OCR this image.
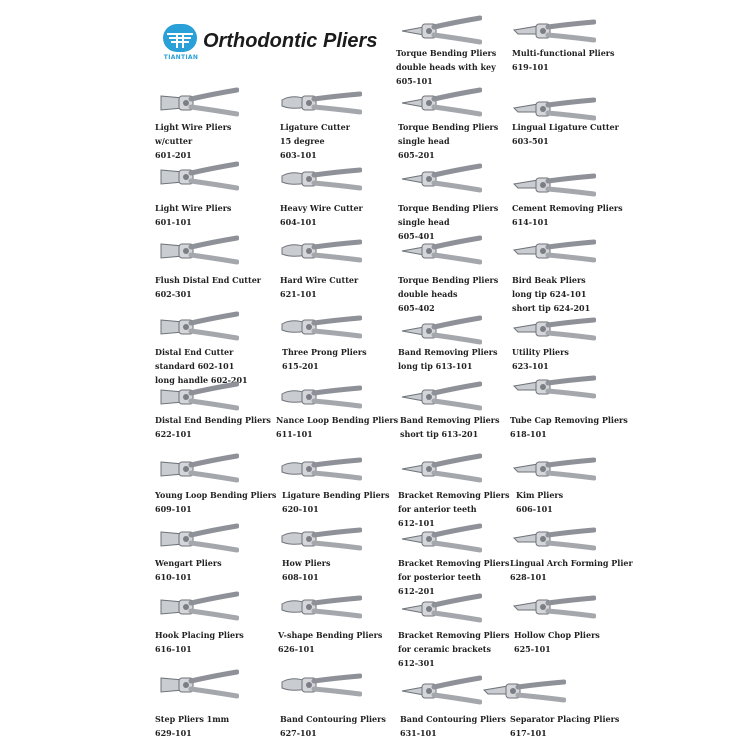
TIANTIAN
Orthodontic Pliers
Torque Bending Pliers
double heads with key
605-101
Multi-functional Pliers
619-101
Light Wire Pliers
w/cutter
601-201
Ligature Cutter
15 degree
603-101
Torque Bending Pliers
single head
605-201
Lingual Ligature Cutter
603-501
Light Wire Pliers
601-101
Heavy Wire Cutter
604-101
Torque Bending Pliers
single head
605-401
Cement Removing Pliers
614-101
Flush Distal End Cutter
602-301
Hard Wire Cutter
621-101
Torque Bending Pliers
double heads
605-402
Bird Beak Pliers
long tip 624-101
short tip 624-201
Distal End Cutter
standard 602-101
long handle 602-201
Three Prong Pliers
615-201
Band Removing Pliers
long tip 613-101
Utility Pliers
623-101
Distal End Bending Pliers
622-101
Nance Loop Bending Pliers
611-101
Band Removing Pliers
short tip 613-201
Tube Cap Removing Pliers
618-101
Young Loop Bending Pliers
609-101
Ligature Bending Pliers
620-101
Bracket Removing Pliers
for anterior teeth
612-101
Kim Pliers
606-101
Wengart Pliers
610-101
How Pliers
608-101
Bracket Removing Pliers
for posterior teeth
612-201
Lingual Arch Forming Plier
628-101
Hook Placing Pliers
616-101
V-shape Bending Pliers
626-101
Bracket Removing Pliers
for ceramic brackets
612-301
Hollow Chop Pliers
625-101
Step Pliers 1mm
629-101
Band Contouring Pliers
627-101
Band Contouring Pliers
631-101
Separator Placing Pliers
617-101
